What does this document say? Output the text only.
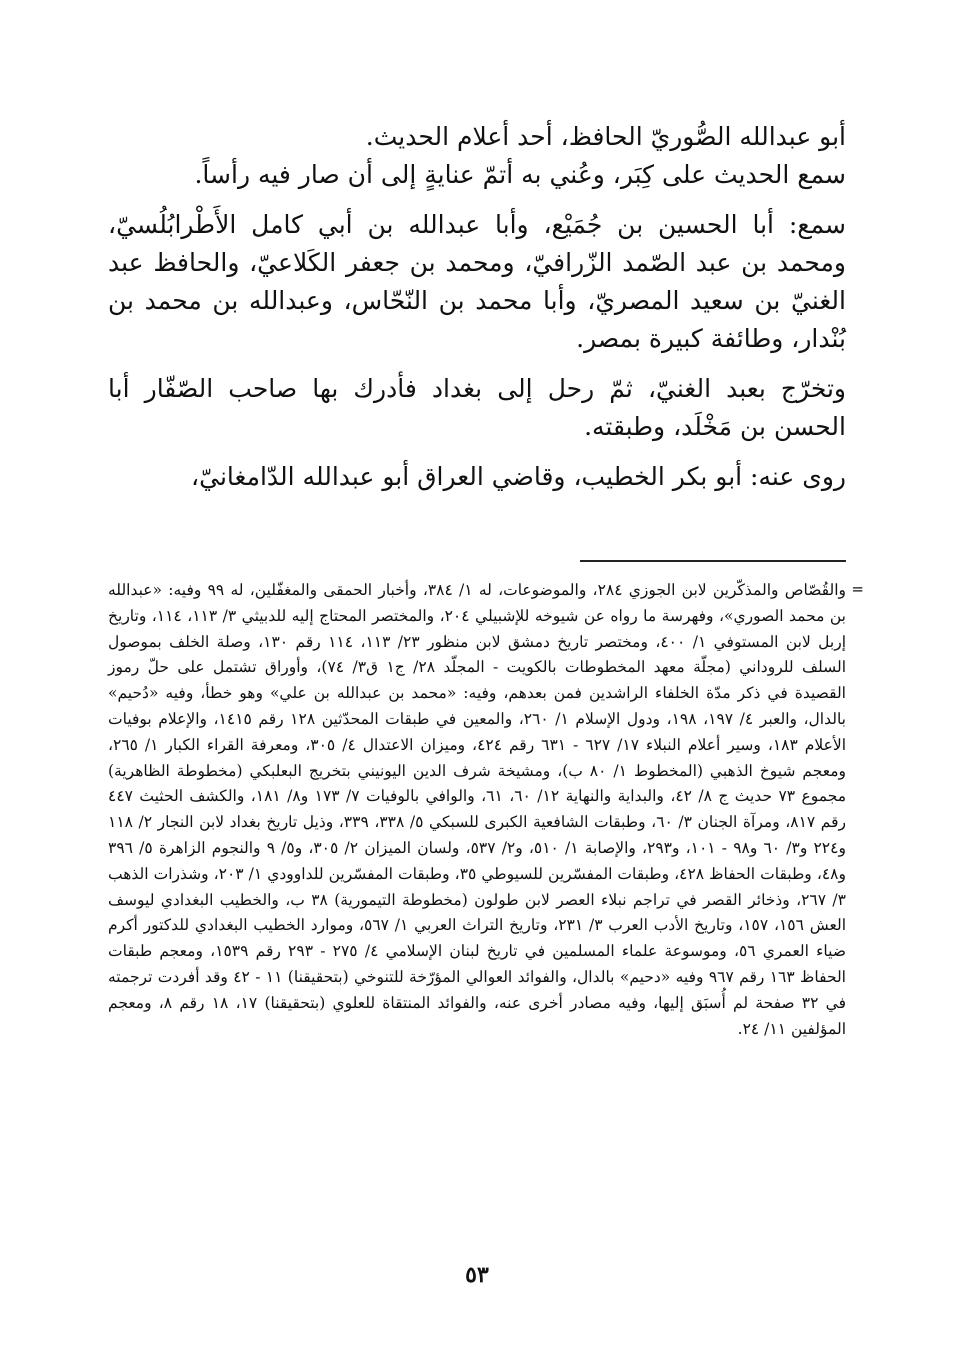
أبو عبدالله الصُّوريّ الحافظ، أحد أعلام الحديث.

سمع الحديث على كِبَر، وعُني به أتمّ عنايةٍ إلى أن صار فيه رأساً.

سمع: أبا الحسين بن جُمَيْع، وأبا عبدالله بن أبي كامل الأَطْرابُلُسيّ، ومحمد بن عبد الصّمد الزّرافيّ، ومحمد بن جعفر الكَلاعيّ، والحافظ عبد الغنيّ بن سعيد المصريّ، وأبا محمد بن النّحّاس، وعبدالله بن محمد بن بُنْدار، وطائفة كبيرة بمصر.

وتخرّج بعبد الغنيّ، ثمّ رحل إلى بغداد فأدرك بها صاحب الصّفّار أبا الحسن بن مَخْلَد، وطبقته.

روى عنه: أبو بكر الخطيب، وقاضي العراق أبو عبدالله الدّامغانيّ،

=
والقُصّاص والمذكّرين لابن الجوزي ٢٨٤، والموضوعات، له ١/ ٣٨٤، وأخبار الحمقى والمغفّلين، له ٩٩ وفيه: «عبدالله بن محمد الصوري»، وفهرسة ما رواه عن شيوخه للإشبيلي ٢٠٤، والمختصر المحتاج إليه للدبيثي ٣/ ١١٣، ١١٤، وتاريخ إربل لابن المستوفي ١/ ٤٠٠، ومختصر تاريخ دمشق لابن منظور ٢٣/ ١١٣، ١١٤ رقم ١٣٠، وصلة الخلف بموصول السلف للروداني (مجلّة معهد المخطوطات بالكويت - المجلّد ٢٨/ ج١ ق٣/ ٧٤)، وأوراق تشتمل على حلّ رموز القصيدة في ذكر مدّة الخلفاء الراشدين فمن بعدهم، وفيه: «محمد بن عبدالله بن علي» وهو خطأ، وفيه «دُحيم» بالدال، والعبر ٤/ ١٩٧، ١٩٨، ودول الإسلام ١/ ٢٦٠، والمعين في طبقات المحدّثين ١٢٨ رقم ١٤١٥، والإعلام بوفيات الأعلام ١٨٣، وسير أعلام النبلاء ١٧/ ٦٢٧ - ٦٣١ رقم ٤٢٤، وميزان الاعتدال ٤/ ٣٠٥، ومعرفة القراء الكبار ١/ ٢٦٥، ومعجم شيوخ الذهبي (المخطوط ١/ ٨٠ ب)، ومشيخة شرف الدين اليونيني بتخريج البعلبكي (مخطوطة الظاهرية) مجموع ٧٣ حديث ج ٨/ ٤٢، والبداية والنهاية ١٢/ ٦٠، ٦١، والوافي بالوفيات ٧/ ١٧٣ و٨/ ١٨١، والكشف الحثيث ٤٤٧ رقم ٨١٧، ومرآة الجنان ٣/ ٦٠، وطبقات الشافعية الكبرى للسبكي ٥/ ٣٣٨، ٣٣٩، وذيل تاريخ بغداد لابن النجار ٢/ ١١٨ و٢٢٤ و٣/ ٦٠ و٩٨ - ١٠١، و٢٩٣، والإصابة ١/ ٥١٠، و٢/ ٥٣٧، ولسان الميزان ٢/ ٣٠٥، و٥/ ٩ والنجوم الزاهرة ٥/ ٣٩٦ و٤٨، وطبقات الحفاظ ٤٢٨، وطبقات المفسّرين للسيوطي ٣٥، وطبقات المفسّرين للداوودي ١/ ٢٠٣، وشذرات الذهب ٣/ ٢٦٧، وذخائر القصر في تراجم نبلاء العصر لابن طولون (مخطوطة التيمورية) ٣٨ ب، والخطيب البغدادي ليوسف العش ١٥٦، ١٥٧، وتاريخ الأدب العرب ٣/ ٢٣١، وتاريخ التراث العربي ١/ ٥٦٧، وموارد الخطيب البغدادي للدكتور أكرم ضياء العمري ٥٦، وموسوعة علماء المسلمين في تاريخ لبنان الإسلامي ٤/ ٢٧٥ - ٢٩٣ رقم ١٥٣٩، ومعجم طبقات الحفاظ ١٦٣ رقم ٩٦٧ وفيه «دحيم» بالدال، والفوائد العوالي المؤرّخة للتنوخي (بتحقيقنا) ١١ - ٤٢ وقد أفردت ترجمته في ٣٢ صفحة لم أُسبَق إليها، وفيه مصادر أخرى عنه، والفوائد المنتقاة للعلوي (بتحقيقنا) ١٧، ١٨ رقم ٨، ومعجم المؤلفين ١١/ ٢٤.
٥٣
